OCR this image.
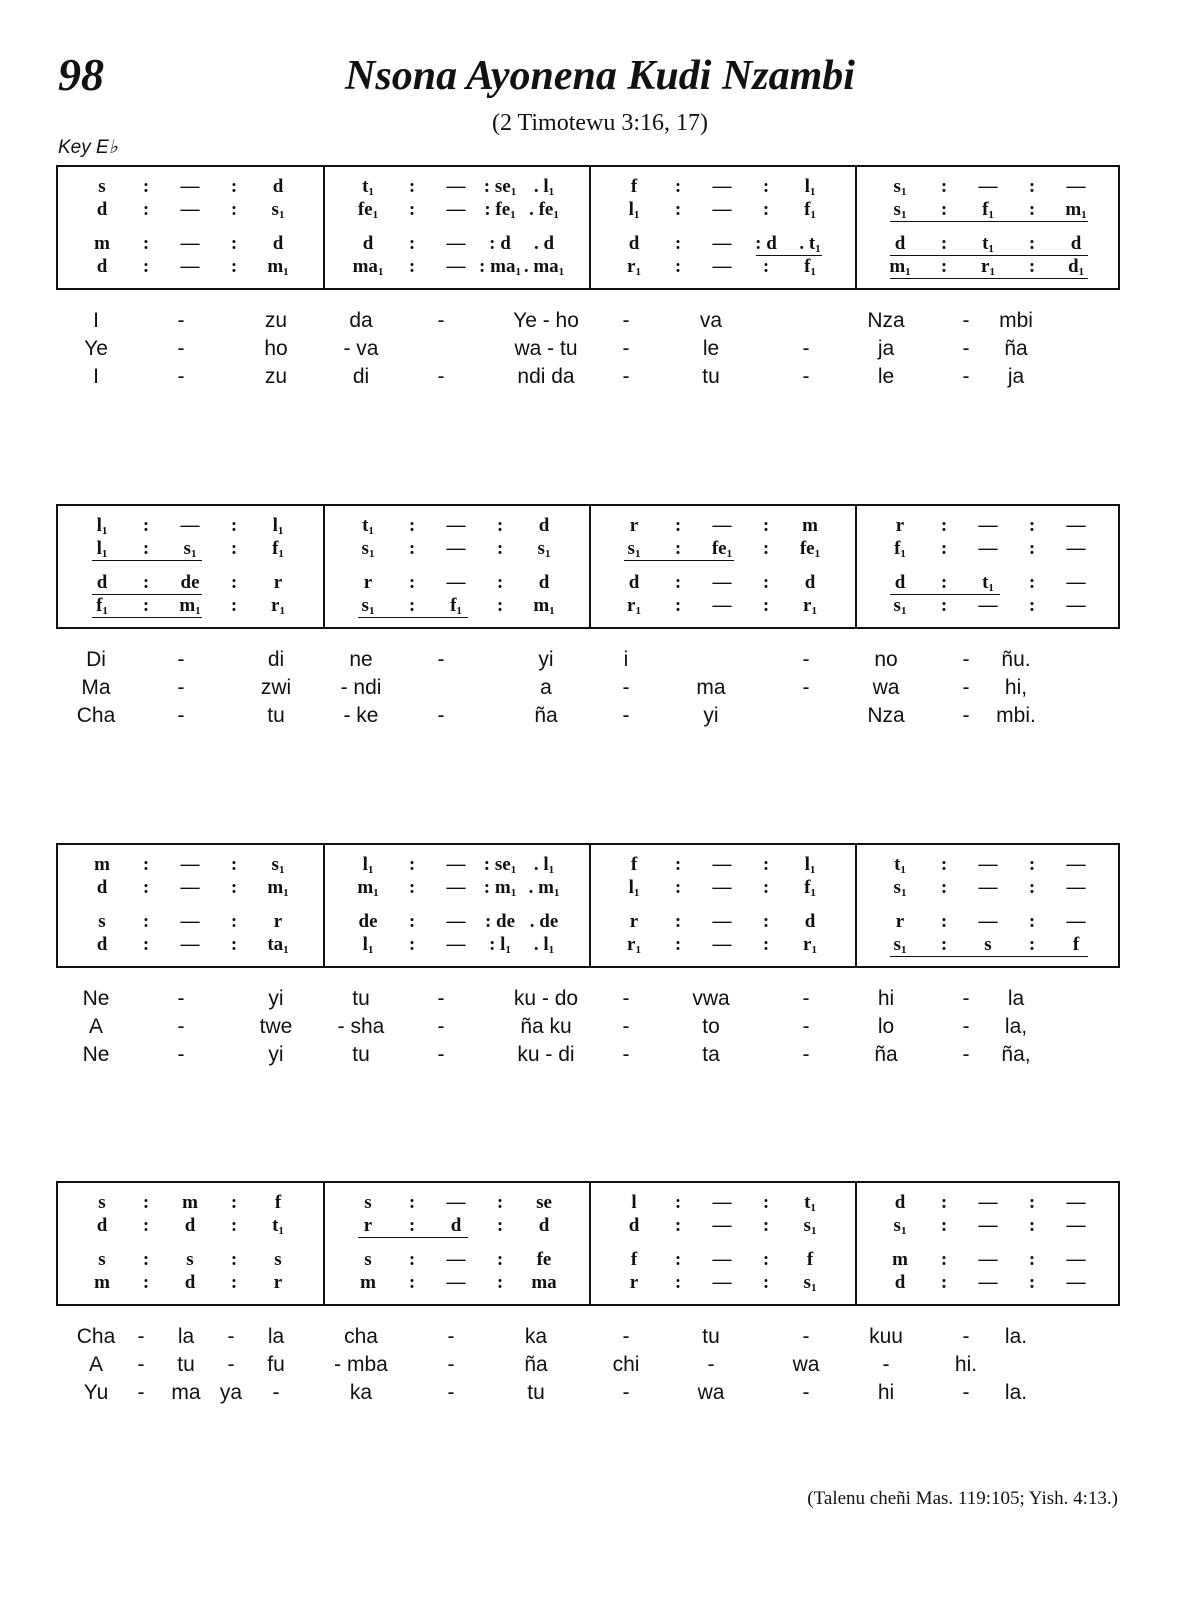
98	Nsona Ayonena Kudi Nzambi
(2 Timotewu 3:16, 17)
Key E♭
s	:	—	:	d
d	:	—	:	$s_1$
m	:	—	:	d
d	:	—	:	$m_1$
$t_1$	:	— : $se_1$ . $l_1$
$fe_1$	:	— : $fe_1$ . $fe_1$
d	:	—	: d	. d
$ma_1$	:	— : $ma_1$ . $ma_1$
f	:	—	:	$l_1$
$l_1$	:	—	:	$f_1$
d	:	—	: d	. $t_1$
$r_1$	:	—	:	$f_1$
$s_1$	:	—	:	—
$s_1$	:	$f_1$	:	$m_1$
d	:	$t_1$	:	d
$m_1$	:	$r_1$	:	$d_1$
I	-	zu	da	-	Ye - ho	-	va	Nza	-	mbi
Ye	-	ho	- va	wa - tu	-	le	-	ja	-	ña
I	-	zu	di	-	ndi da	-	tu	-	le	-	ja
$l_1$	:	—	:	$l_1$
$l_1$	:	$s_1$	:	$f_1$
d	:	de	:	r
$f_1$	:	$m_1$	:	$r_1$
$t_1$	:	—	:	d
$s_1$	:	—	:	$s_1$
r	:	—	:	d
$s_1$	:	$f_1$	:	$m_1$
r	:	—	:	m
$s_1$	:	$fe_1$	:	$fe_1$
d	:	—	:	d
$r_1$	:	—	:	$r_1$
r	:	—	:	—
$f_1$	:	—	:	—
d	:	$t_1$	:	—
$s_1$	:	—	:	—
Di	-	di	ne	-	yi	i	-	no	-	ñu.
Ma	-	zwi	- ndi	a	-	ma	-	wa	-	hi,
Cha	-	tu	- ke	-	ña	-	yi	Nza	-	mbi.
m	:	—	:	$s_1$
d	:	—	:	$m_1$
s	:	—	:	r
d	:	—	:	$ta_1$
$l_1$	:	— : $se_1$ . $l_1$
$m_1$	:	— : $m_1$ . $m_1$
de	:	—	: de . de
$l_1$	:	—	: $l_1$	. $l_1$
f	:	—	:	$l_1$
$l_1$	:	—	:	$f_1$
r	:	—	:	d
$r_1$	:	—	:	$r_1$
$t_1$	:	—	:	—
$s_1$	:	—	:	—
r	:	—	:	—
$s_1$	:	s	:	f
Ne	-	yi	tu	-	ku - do	-	vwa	-	hi	-	la
A	-	twe	- sha	-	ña ku	-	to	-	lo	-	la,
Ne	-	yi	tu	-	ku - di	-	ta	-	ña	-	ña,
s	:	m	:	f
d	:	d	:	$t_1$
s	:	s	:	s
m	:	d	:	r
s	:	—	:	se
r	:	d	:	d
s	:	—	:	fe
m	:	—	:	ma
l	:	—	:	$t_1$
d	:	—	:	$s_1$
f	:	—	:	f
r	:	—	:	$s_1$
d	:	—	:	—
$s_1$	:	—	:	—
m	:	—	:	—
d	:	—	:	—
Cha	-	la	-	la	cha	-	ka	-	tu	-	kuu	-	la.
A	-	tu	-	fu	- mba	-	ña	chi	-	wa	-	hi.
Yu	-	ma ya	-	ka	-	tu	-	wa	-	hi	-	la.
(Talenu cheñi Mas. 119:105; Yish. 4:13.)
